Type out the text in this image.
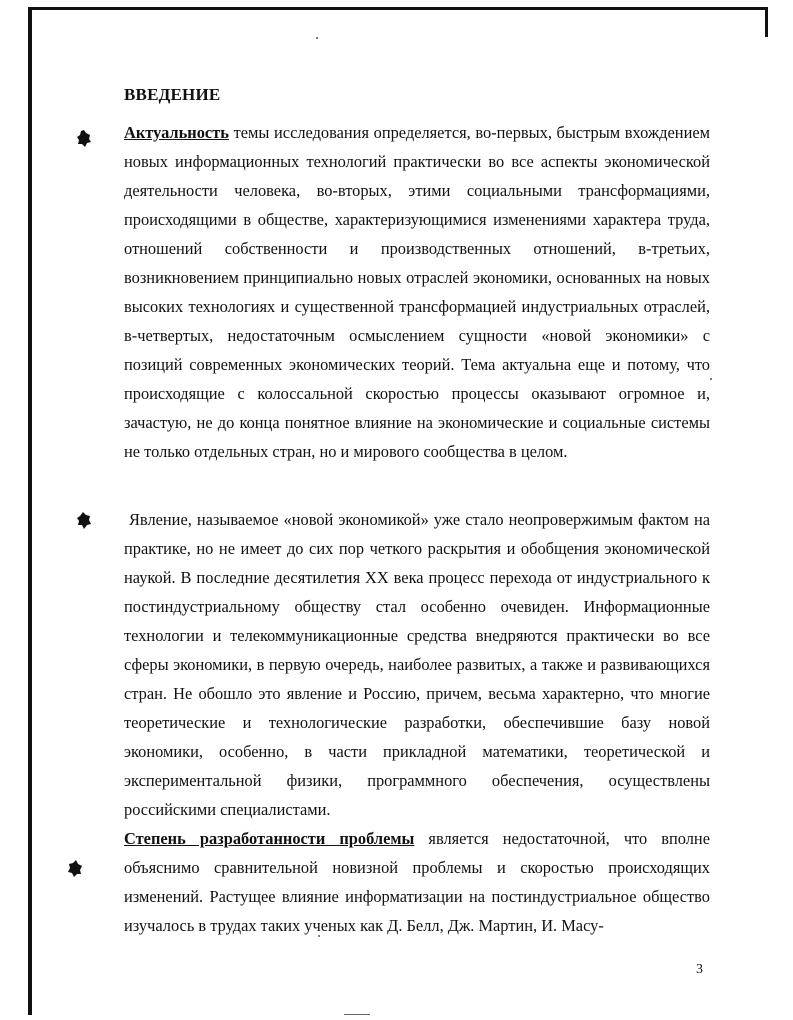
ВВЕДЕНИЕ

Актуальность темы исследования определяется, во-первых, быстрым вхождением новых информационных технологий практически во все аспекты экономической деятельности человека, во-вторых, этими социальными трансформациями, происходящими в обществе, характеризующимися изменениями характера труда, отношений собственности и производственных отношений, в-третьих, возникновением принципиально новых отраслей экономики, основанных на новых высоких технологиях и существенной трансформацией индустриальных отраслей, в-четвертых, недостаточным осмыслением сущности «новой экономики» с позиций современных экономических теорий. Тема актуальна еще и потому, что происходящие с колоссальной скоростью процессы оказывают огромное и, зачастую, не до конца понятное влияние на экономические и социальные системы не только отдельных стран, но и мирового сообщества в целом.

Явление, называемое «новой экономикой» уже стало неопровержимым фактом на практике, но не имеет до сих пор четкого раскрытия и обобщения экономической наукой. В последние десятилетия XX века процесс перехода от индустриального к постиндустриальному обществу стал особенно очевиден. Информационные технологии и телекоммуникационные средства внедряются практически во все сферы экономики, в первую очередь, наиболее развитых, а также и развивающихся стран. Не обошло это явление и Россию, причем, весьма характерно, что многие теоретические и технологические разработки, обеспечившие базу новой экономики, особенно, в части прикладной математики, теоретической и экспериментальной физики, программного обеспечения, осуществлены российскими специалистами.

Степень разработанности проблемы является недостаточной, что вполне объяснимо сравнительной новизной проблемы и скоростью происходящих изменений. Растущее влияние информатизации на постиндустриальное общество изучалось в трудах таких ученых как Д. Белл, Дж. Мартин, И. Масу-

3
